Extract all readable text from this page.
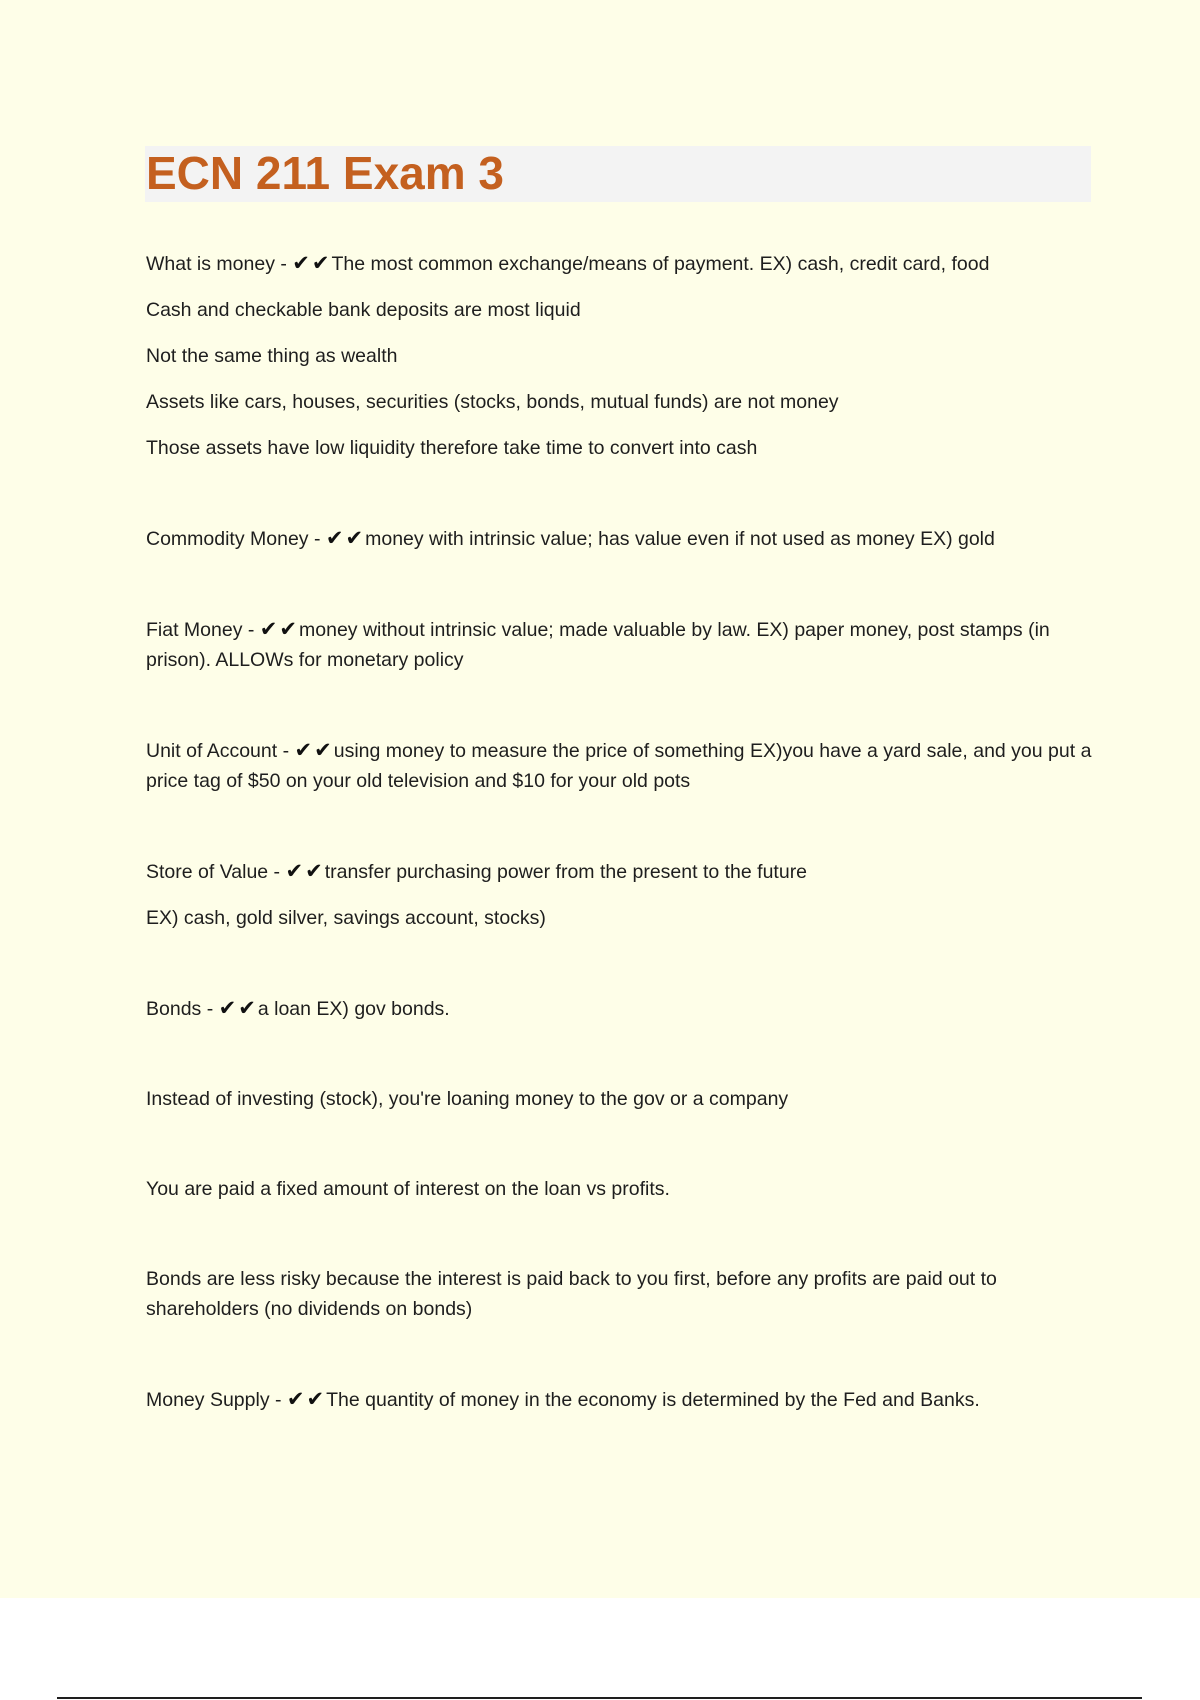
ECN 211 Exam 3

What is money - ✔✔ The most common exchange/means of payment. EX) cash, credit card, food

Cash and checkable bank deposits are most liquid

Not the same thing as wealth

Assets like cars, houses, securities (stocks, bonds, mutual funds) are not money

Those assets have low liquidity therefore take time to convert into cash

Commodity Money - ✔✔ money with intrinsic value; has value even if not used as money EX) gold

Fiat Money - ✔✔ money without intrinsic value; made valuable by law. EX) paper money, post stamps (in prison). ALLOWs for monetary policy

Unit of Account - ✔✔ using money to measure the price of something EX)you have a yard sale, and you put a price tag of $50 on your old television and $10 for your old pots

Store of Value - ✔✔ transfer purchasing power from the present to the future

EX) cash, gold silver, savings account, stocks)

Bonds - ✔✔ a loan EX) gov bonds.

Instead of investing (stock), you're loaning money to the gov or a company

You are paid a fixed amount of interest on the loan vs profits.

Bonds are less risky because the interest is paid back to you first, before any profits are paid out to shareholders (no dividends on bonds)

Money Supply - ✔✔ The quantity of money in the economy is determined by the Fed and Banks.
